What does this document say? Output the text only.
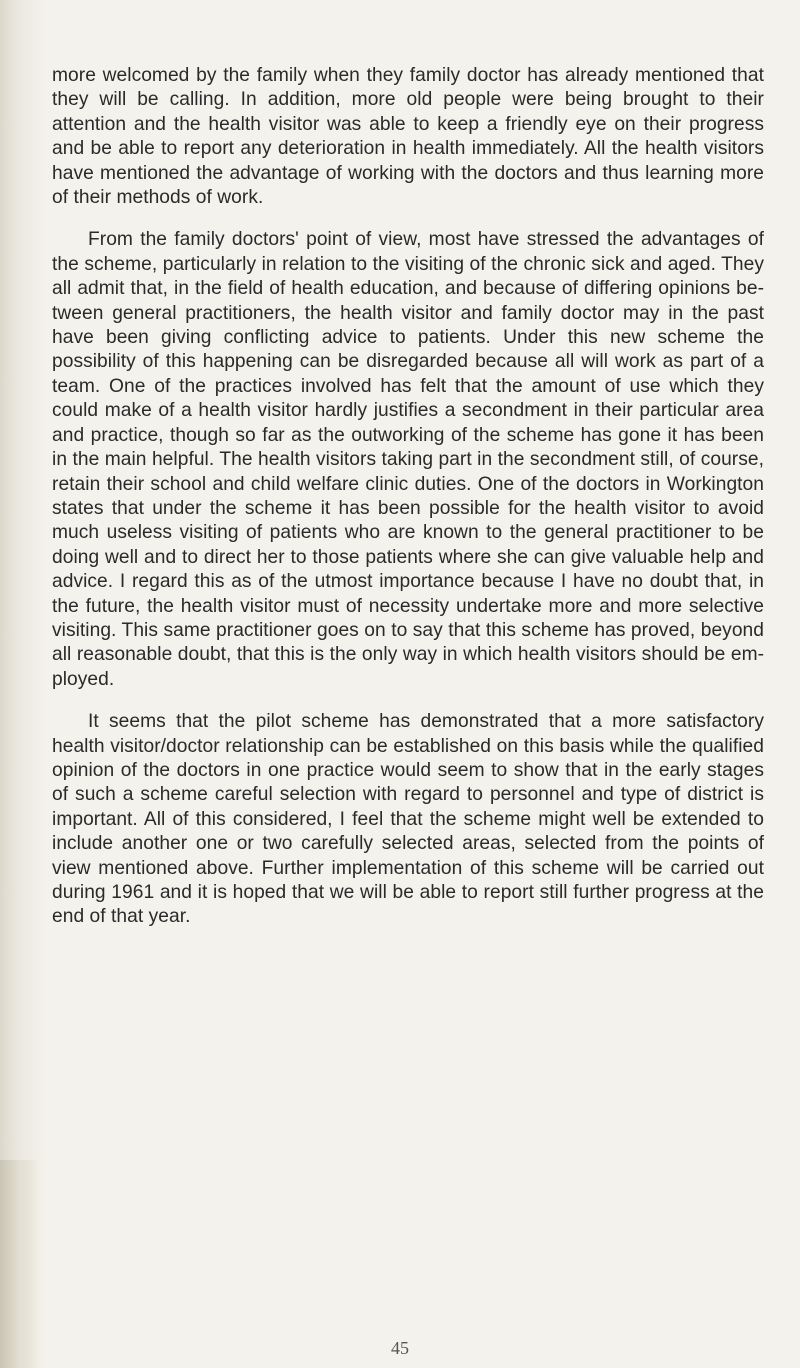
more welcomed by the family when they family doctor has already mentioned that they will be calling. In addition, more old people were being brought to their attention and the health visitor was able to keep a friendly eye on their progress and be able to report any deterioration in health immediately. All the health visitors have mentioned the advantage of working with the doctors and thus learning more of their methods of work.

From the family doctors' point of view, most have stressed the advantages of the scheme, particularly in relation to the visiting of the chronic sick and aged. They all admit that, in the field of health education, and because of differing opinions between general practitioners, the health visitor and family doctor may in the past have been giving conflicting advice to patients. Under this new scheme the possibility of this happening can be disregarded because all will work as part of a team. One of the practices involved has felt that the amount of use which they could make of a health visitor hardly justifies a secondment in their particular area and practice, though so far as the outworking of the scheme has gone it has been in the main helpful. The health visitors taking part in the secondment still, of course, retain their school and child welfare clinic duties. One of the doctors in Workington states that under the scheme it has been possible for the health visitor to avoid much useless visiting of patients who are known to the general practitioner to be doing well and to direct her to those patients where she can give valuable help and advice. I regard this as of the utmost importance because I have no doubt that, in the future, the health visitor must of necessity undertake more and more selective visiting. This same practitioner goes on to say that this scheme has proved, beyond all reasonable doubt, that this is the only way in which health visitors should be employed.

It seems that the pilot scheme has demonstrated that a more satisfactory health visitor/doctor relationship can be established on this basis while the qualified opinion of the doctors in one practice would seem to show that in the early stages of such a scheme careful selection with regard to personnel and type of district is important. All of this considered, I feel that the scheme might well be extended to include another one or two carefully selected areas, selected from the points of view mentioned above. Further implementation of this scheme will be carried out during 1961 and it is hoped that we will be able to report still further progress at the end of that year.

45
